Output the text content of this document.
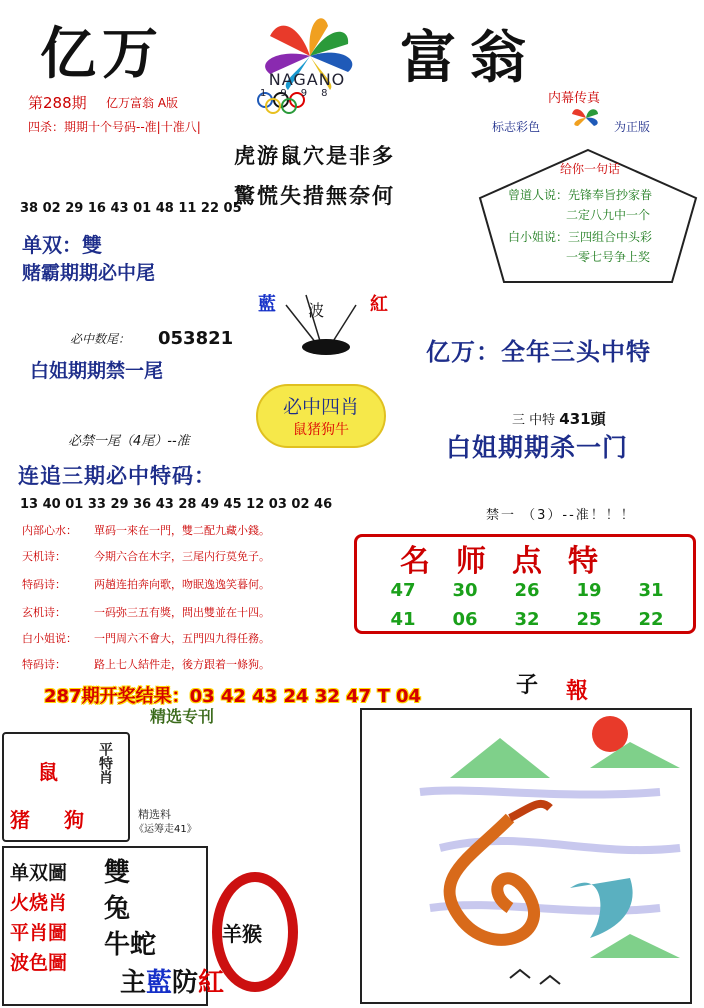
亿万	富翁
NAGANO
1998
第288期 亿万富翁 A版
四杀：期期十个号码--准|十准八|
虎游鼠穴是非多
驚慌失措無奈何
38 02 29 16 43 01 48 11 22 05
单双：雙
赌霸期期必中尾
必中数尾： 053821
白姐期期禁一尾
必禁一尾（4尾）--准
连追三期必中特码：
13 40 01 33 29 36 43 28 49 45 12 03 02 46
内部心水： 單码一來在一門，雙二配九藏小錢。
天机诗：	今期六合在木字，三尾内行莫免子。
特码诗：	两趟连拍奔向歌，吻眠逸逸笑暮何。
玄机诗：	一码弥三五有獎，問出雙並在十四。
白小姐说： 一門周六不會大，五門四九得任務。
特码诗：	路上七人結件走，後方跟着一條狗。
287期开奖结果：03 42 43 24 32 47 T 04
藍 波	紅
必中四肖
鼠猪狗牛
内幕传真
标志彩色	为正版
给你一句话
曾道人说：先锋奉旨抄家眷
二定八九中一个
白小姐说：三四组合中头彩
一零七号争上奖
亿万：全年三头中特
三 中特 431頭
白姐期期杀一门
禁一 （3）--准！！！
名师点特
47	30	26	19	31
41	06	32	25	22
精选专刊
鼠
猪 狗
平特肖
精选料
《运筹走41》
单双圖
火烧肖
平肖圖
波色圖
雙
兔
牛蛇
主藍防紅
羊猴
子 報
